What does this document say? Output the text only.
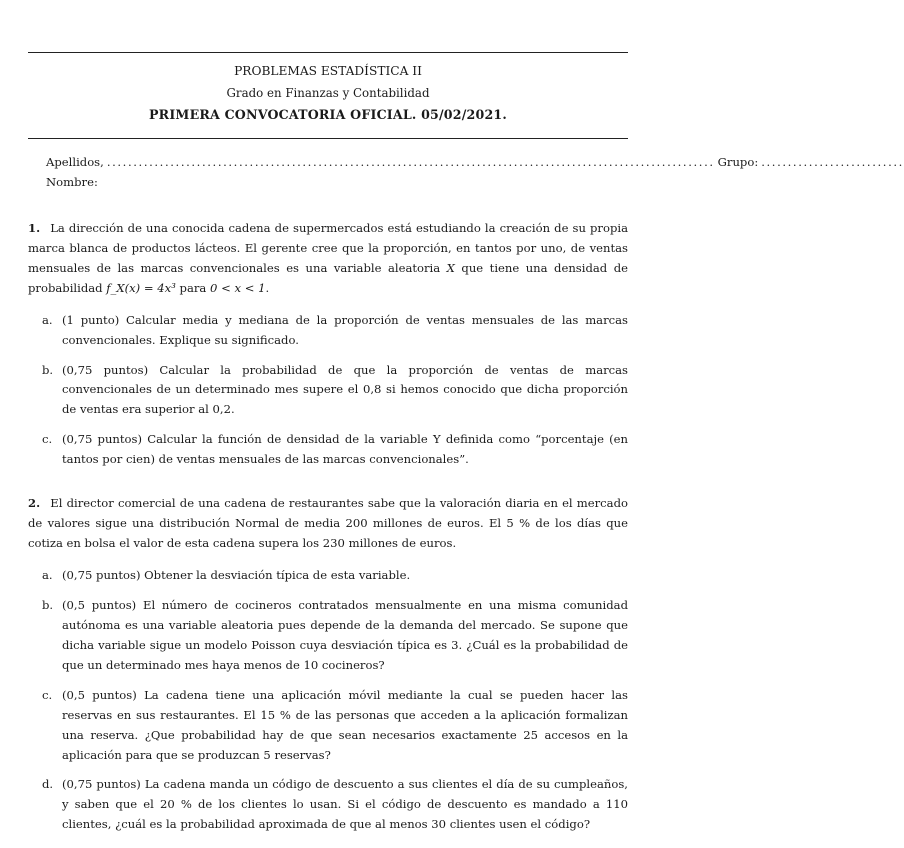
PROBLEMAS ESTADÍSTICA II
Grado en Finanzas y Contabilidad
PRIMERA CONVOCATORIA OFICIAL. 05/02/2021.
Apellidos, Nombre:
................................................................................................................... Grupo: ...........................
1. La dirección de una conocida cadena de supermercados está estudiando la creación de su propia marca blanca de productos lácteos. El gerente cree que la proporción, en tantos por uno, de ventas mensuales de las marcas convencionales es una variable aleatoria X que tiene una densidad de probabilidad f_X(x) = 4x³ para 0 < x < 1.
a. (1 punto) Calcular media y mediana de la proporción de ventas mensuales de las marcas convencionales. Explique su significado.
b. (0,75 puntos) Calcular la probabilidad de que la proporción de ventas de marcas convencionales de un determinado mes supere el 0,8 si hemos conocido que dicha proporción de ventas era superior al 0,2.
c. (0,75 puntos) Calcular la función de densidad de la variable Y definida como “porcentaje (en tantos por cien) de ventas mensuales de las marcas convencionales”.
2. El director comercial de una cadena de restaurantes sabe que la valoración diaria en el mercado de valores sigue una distribución Normal de media 200 millones de euros. El 5 % de los días que cotiza en bolsa el valor de esta cadena supera los 230 millones de euros.
a. (0,75 puntos) Obtener la desviación típica de esta variable.
b. (0,5 puntos) El número de cocineros contratados mensualmente en una misma comunidad autónoma es una variable aleatoria pues depende de la demanda del mercado. Se supone que dicha variable sigue un modelo Poisson cuya desviación típica es 3. ¿Cuál es la probabilidad de que un determinado mes haya menos de 10 cocineros?
c. (0,5 puntos) La cadena tiene una aplicación móvil mediante la cual se pueden hacer las reservas en sus restaurantes. El 15 % de las personas que acceden a la aplicación formalizan una reserva. ¿Que probabilidad hay de que sean necesarios exactamente 25 accesos en la aplicación para que se produzcan 5 reservas?
d. (0,75 puntos) La cadena manda un código de descuento a sus clientes el día de su cumpleaños, y saben que el 20 % de los clientes lo usan. Si el código de descuento es mandado a 110 clientes, ¿cuál es la probabilidad aproximada de que al menos 30 clientes usen el código?
